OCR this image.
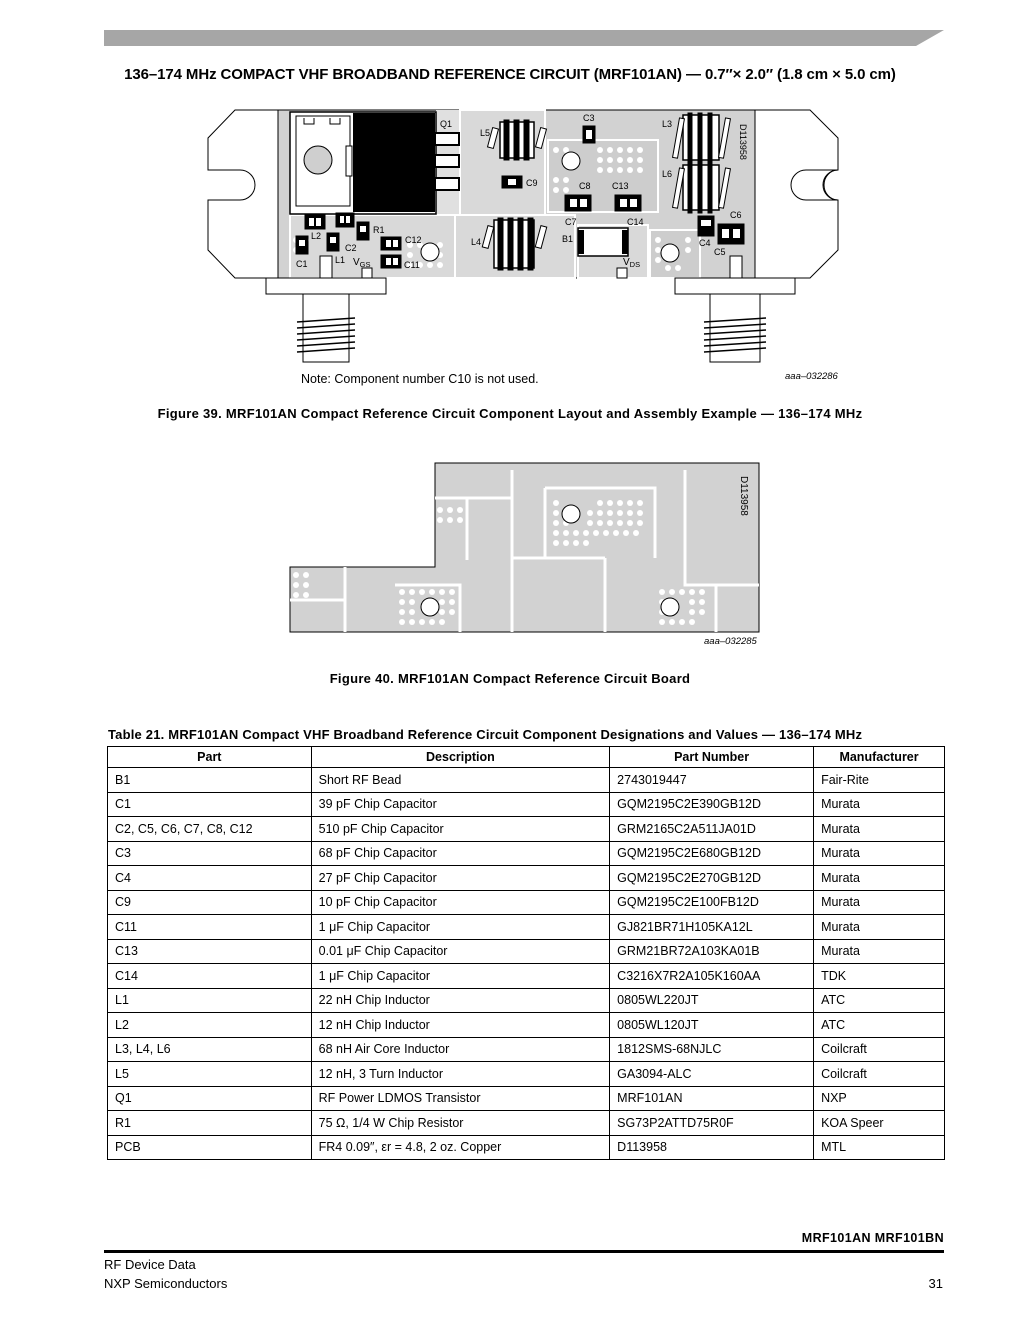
136–174 MHz COMPACT VHF BROADBAND REFERENCE CIRCUIT (MRF101AN) — 0.7″× 2.0″ (1.8 cm × 5.0 cm)
Q1
L5
C3
L3	D113958
L6
C9	C8 C13
C7	C14
C6
R1
L2
C2
C12	L4	B1	C4
C5
C1	L1 $V_{GS}$	C11	$V_{DS}$
Note: Component number C10 is not used.	aaa–032286
Figure 39. MRF101AN Compact Reference Circuit Component Layout and Assembly Example — 136–174 MHz
D113958
aaa–032285
Figure 40. MRF101AN Compact Reference Circuit Board
Table 21. MRF101AN Compact VHF Broadband Reference Circuit Component Designations and Values — 136–174 MHz
Part	Description	Part Number	Manufacturer
B1	Short RF Bead	2743019447	Fair-Rite
C1	39 pF Chip Capacitor	GQM2195C2E390GB12D	Murata
C2, C5, C6, C7, C8, C12	510 pF Chip Capacitor	GRM2165C2A511JA01D	Murata
C3	68 pF Chip Capacitor	GQM2195C2E680GB12D	Murata
C4	27 pF Chip Capacitor	GQM2195C2E270GB12D	Murata
C9	10 pF Chip Capacitor	GQM2195C2E100FB12D	Murata
C11	1 μF Chip Capacitor	GJ821BR71H105KA12L	Murata
C13	0.01 μF Chip Capacitor	GRM21BR72A103KA01B	Murata
C14	1 μF Chip Capacitor	C3216X7R2A105K160AA	TDK
L1	22 nH Chip Inductor	0805WL220JT	ATC
L2	12 nH Chip Inductor	0805WL120JT	ATC
L3, L4, L6	68 nH Air Core Inductor	1812SMS-68NJLC	Coilcraft
L5	12 nH, 3 Turn Inductor	GA3094-ALC	Coilcraft
Q1	RF Power LDMOS Transistor	MRF101AN	NXP
R1	75 Ω, 1/4 W Chip Resistor	SG73P2ATTD75R0F	KOA Speer
PCB	FR4 0.09″, εr = 4.8, 2 oz. Copper	D113958	MTL
MRF101AN MRF101BN
RF Device Data
NXP Semiconductors	31
